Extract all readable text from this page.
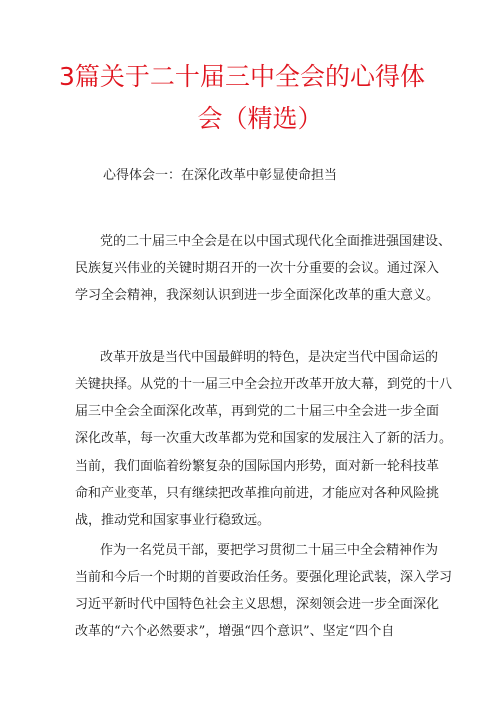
3篇关于二十届三中全会的心得体
会（精选）
心得体会一：在深化改革中彰显使命担当
党的二十届三中全会是在以中国式现代化全面推进强国建设、
民族复兴伟业的关键时期召开的一次十分重要的会议。通过深入
学习全会精神，我深刻认识到进一步全面深化改革的重大意义。
改革开放是当代中国最鲜明的特色，是决定当代中国命运的
关键抉择。从党的十一届三中全会拉开改革开放大幕，到党的十八
届三中全会全面深化改革，再到党的二十届三中全会进一步全面
深化改革，每一次重大改革都为党和国家的发展注入了新的活力。
当前，我们面临着纷繁复杂的国际国内形势，面对新一轮科技革
命和产业变革，只有继续把改革推向前进，才能应对各种风险挑
战，推动党和国家事业行稳致远。
作为一名党员干部，要把学习贯彻二十届三中全会精神作为
当前和今后一个时期的首要政治任务。要强化理论武装，深入学习
习近平新时代中国特色社会主义思想，深刻领会进一步全面深化
改革的“六个必然要求”，增强“四个意识”、坚定“四个自
